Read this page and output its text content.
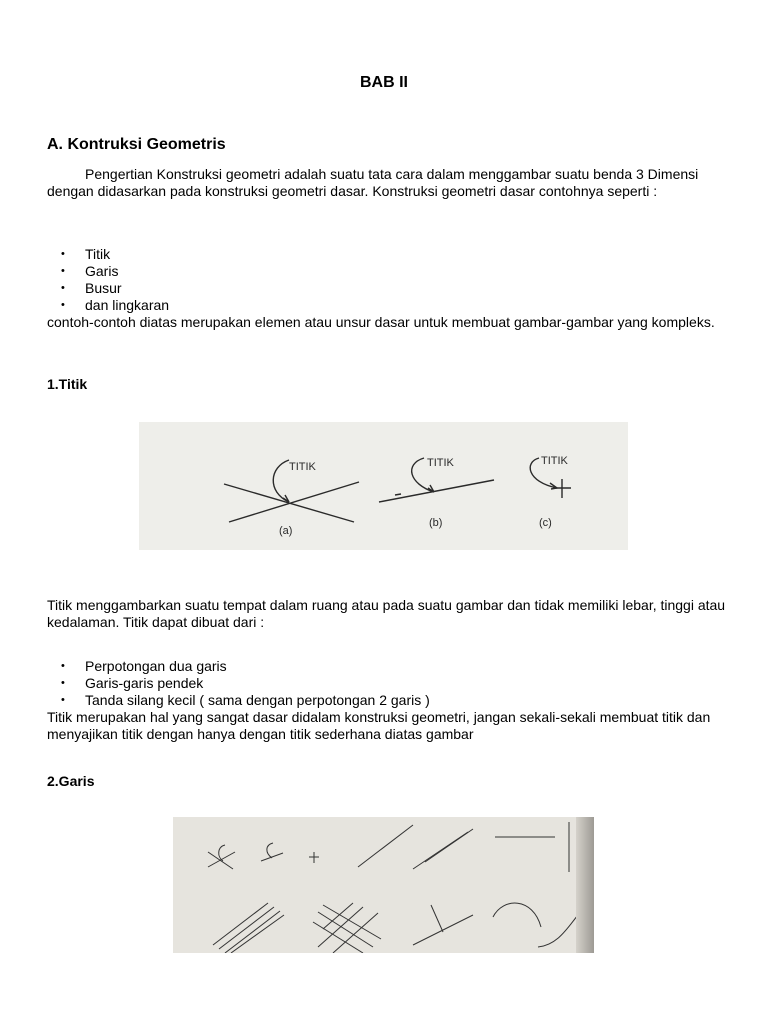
BAB II
A. Kontruksi Geometris
Pengertian Konstruksi geometri adalah suatu tata cara dalam menggambar suatu benda 3 Dimensi dengan didasarkan pada konstruksi geometri dasar. Konstruksi geometri dasar contohnya seperti :
• Titik
• Garis
• Busur
• dan lingkaran
contoh-contoh diatas merupakan elemen atau unsur dasar untuk membuat gambar-gambar yang kompleks.
1.Titik
TITIK	TITIK	TITIK
(a)
(b)	(c)
Titik menggambarkan suatu tempat dalam ruang atau pada suatu gambar dan tidak memiliki lebar, tinggi atau kedalaman. Titik dapat dibuat dari :
• Perpotongan dua garis
• Garis-garis pendek
• Tanda silang kecil ( sama dengan perpotongan 2 garis )
Titik merupakan hal yang sangat dasar didalam konstruksi geometri, jangan sekali-sekali membuat titik dan menyajikan titik dengan hanya dengan titik sederhana diatas gambar
2.Garis
